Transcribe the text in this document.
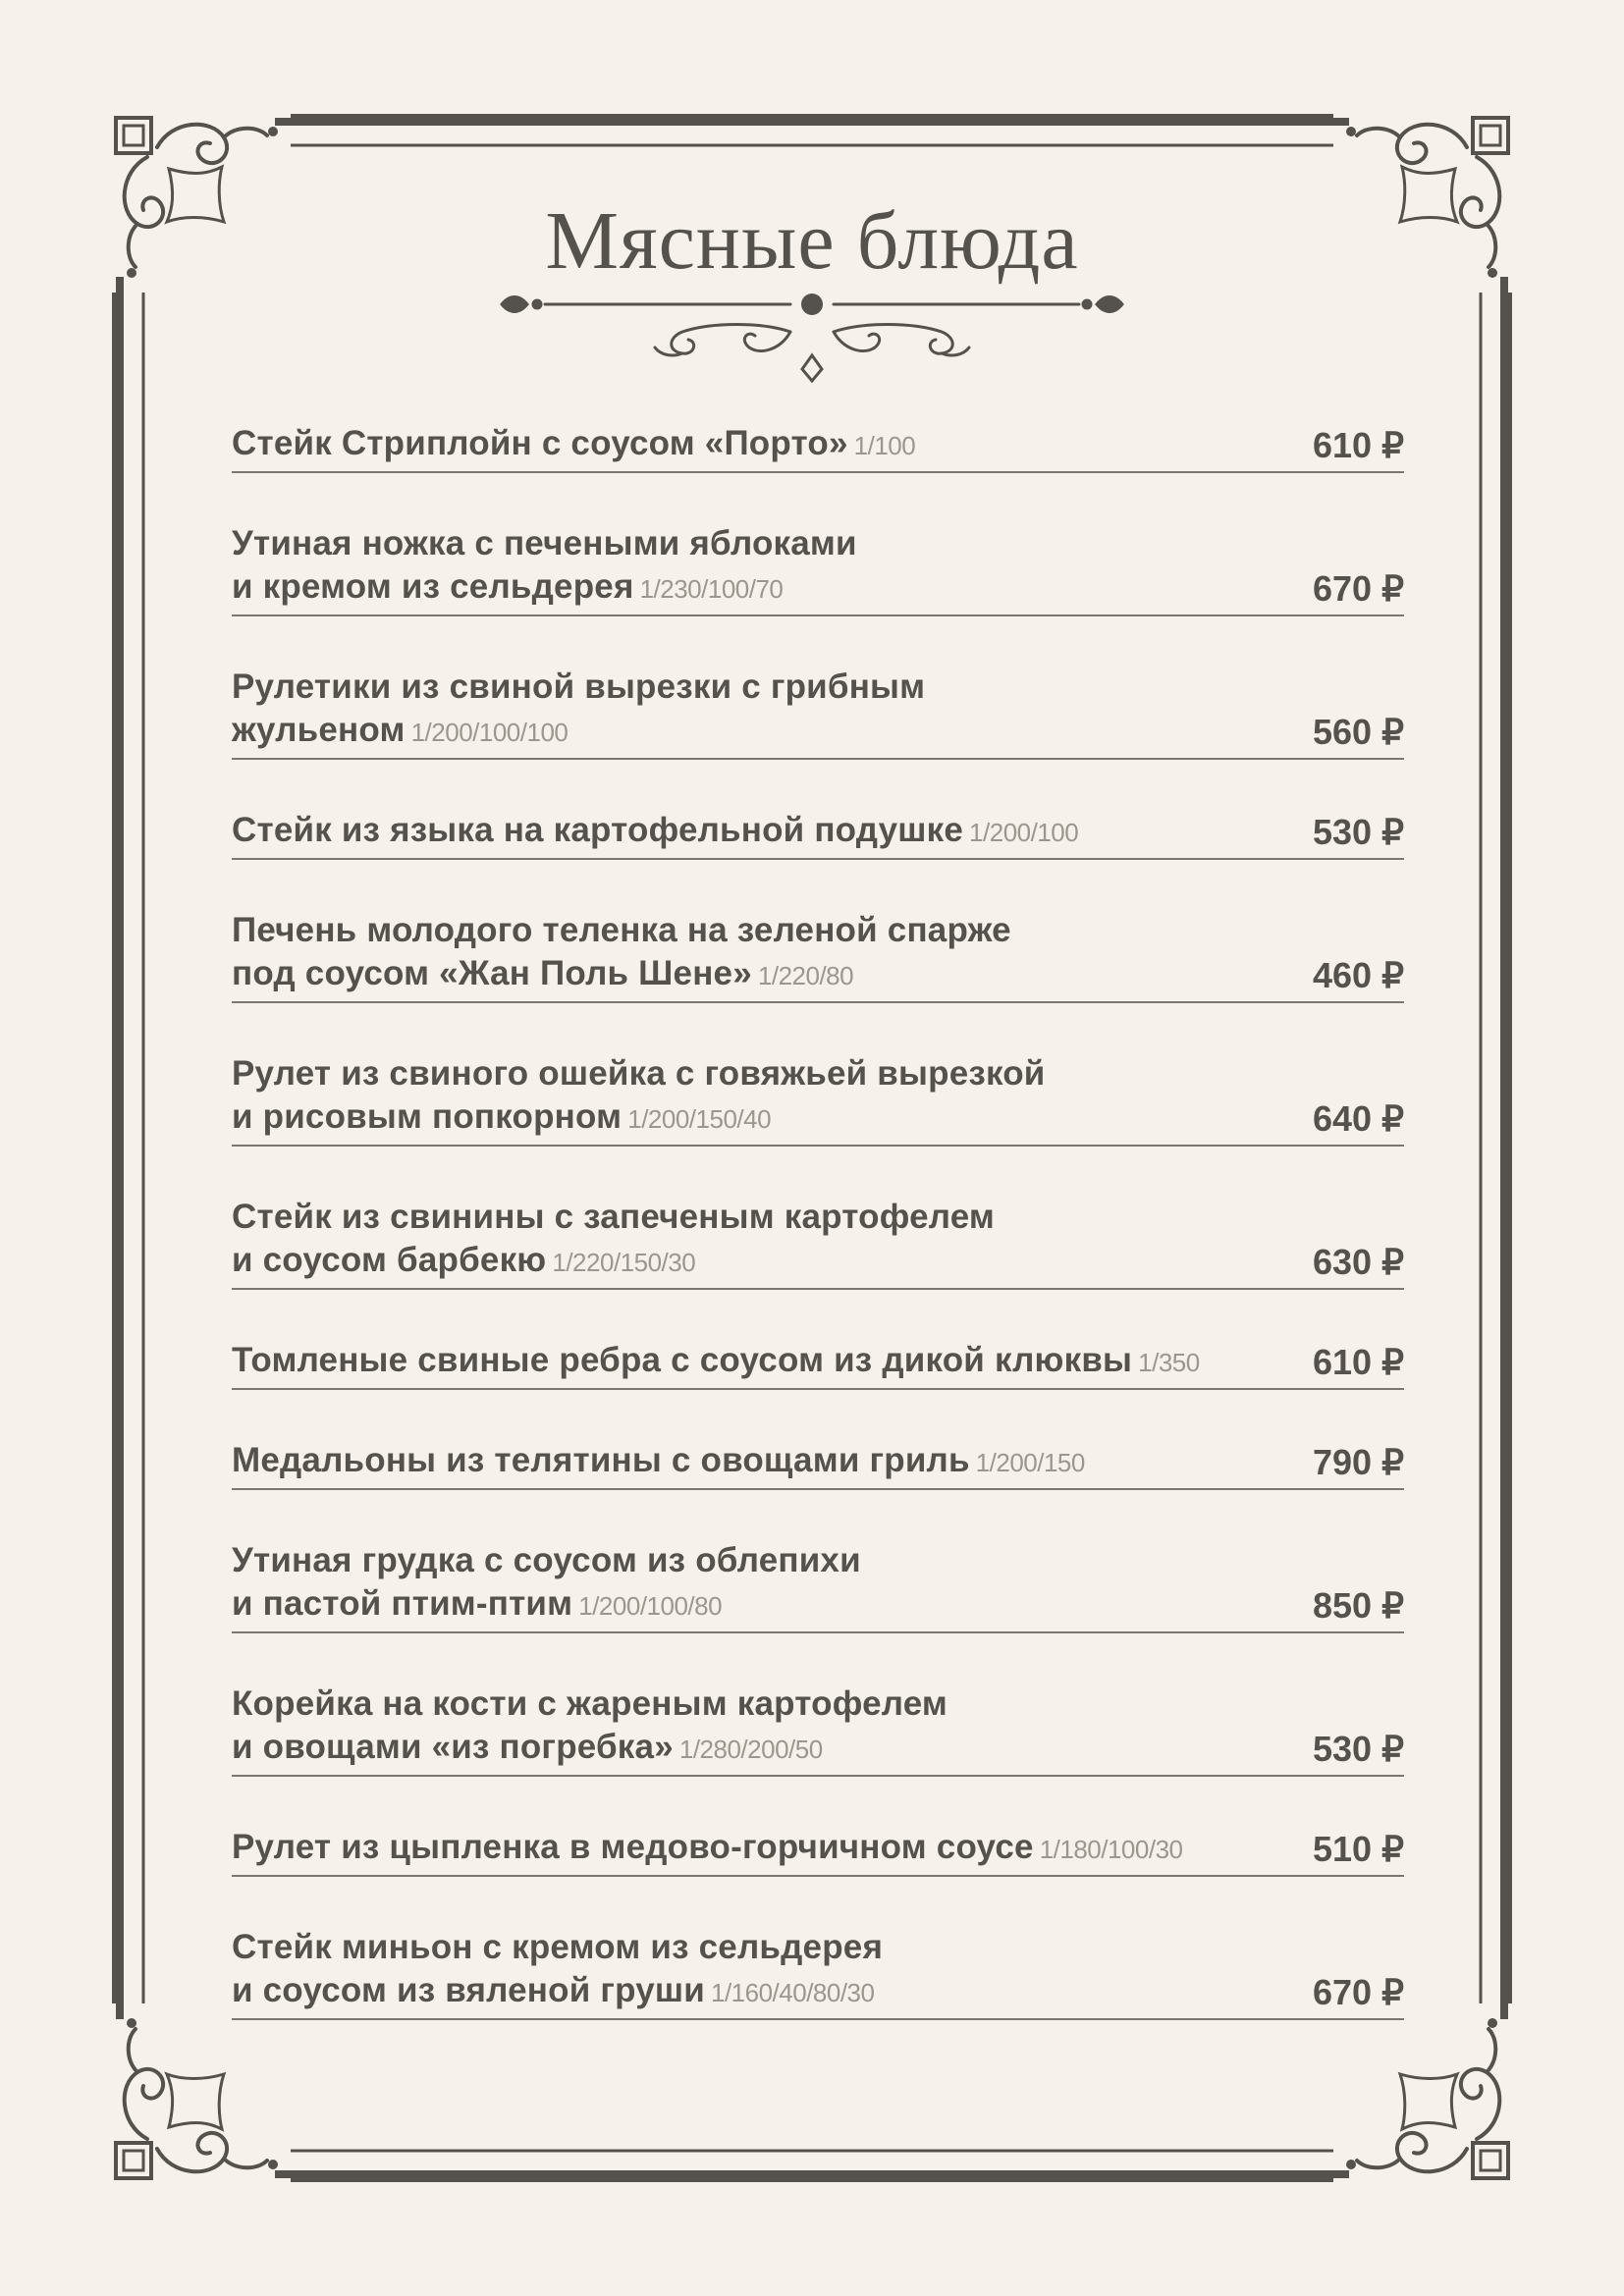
Мясные блюда
Стейк Стриплойн с соусом «Порто» 1/100	610 ₽
Утиная ножка с печеными яблоками
и кремом из сельдерея 1/230/100/70	670 ₽
Рулетики из свиной вырезки с грибным жульеном 1/200/100/100	560 ₽
Стейк из языка на картофельной подушке 1/200/100	530 ₽
Печень молодого теленка на зеленой спарже
под соусом «Жан Поль Шене» 1/220/80	460 ₽
Рулет из свиного ошейка с говяжьей вырезкой
и рисовым попкорном 1/200/150/40	640 ₽
Стейк из свинины с запеченым картофелем
и соусом барбекю 1/220/150/30	630 ₽
Томленые свиные ребра с соусом из дикой клюквы 1/350	610 ₽
Медальоны из телятины с овощами гриль 1/200/150	790 ₽
Утиная грудка с соусом из облепихи
и пастой птим-птим 1/200/100/80	850 ₽
Корейка на кости с жареным картофелем
и овощами «из погребка» 1/280/200/50	530 ₽
Рулет из цыпленка в медово-горчичном соусе 1/180/100/30	510 ₽
Стейк миньон с кремом из сельдерея
и соусом из вяленой груши 1/160/40/80/30	670 ₽
